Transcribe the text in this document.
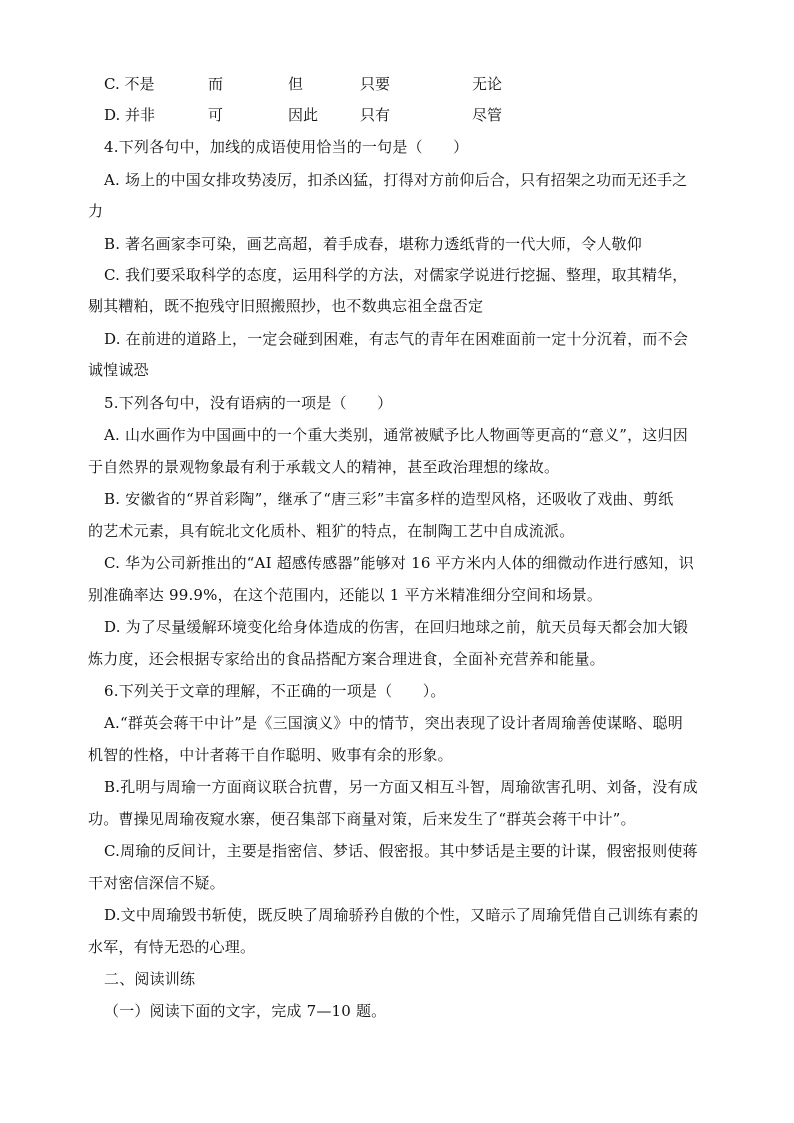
C. 不是	而	但	只要	无论
D. 并非	可	因此	只有	尽管
4.下列各句中，加线的成语使用恰当的一句是（　　）
A. 场上的中国女排攻势凌厉，扣杀凶猛，打得对方前仰后合，只有招架之功而无还手之
力
B. 著名画家李可染，画艺高超，着手成春，堪称力透纸背的一代大师，令人敬仰
C. 我们要采取科学的态度，运用科学的方法，对儒家学说进行挖掘、整理，取其精华，
剔其糟粕，既不抱残守旧照搬照抄，也不数典忘祖全盘否定
D. 在前进的道路上，一定会碰到困难，有志气的青年在困难面前一定十分沉着，而不会
诚惶诚恐
5.下列各句中，没有语病的一项是（　　）
A. 山水画作为中国画中的一个重大类别，通常被赋予比人物画等更高的“意义”，这归因
于自然界的景观物象最有利于承载文人的精神，甚至政治理想的缘故。
B. 安徽省的“界首彩陶”，继承了“唐三彩”丰富多样的造型风格，还吸收了戏曲、剪纸
的艺术元素，具有皖北文化质朴、粗犷的特点，在制陶工艺中自成流派。
C. 华为公司新推出的“AI 超感传感器”能够对 16 平方米内人体的细微动作进行感知，识
别准确率达 99.9%，在这个范围内，还能以 1 平方米精准细分空间和场景。
D. 为了尽量缓解环境变化给身体造成的伤害，在回归地球之前，航天员每天都会加大锻
炼力度，还会根据专家给出的食品搭配方案合理进食，全面补充营养和能量。
6.下列关于文章的理解，不正确的一项是（　　）。
A.“群英会蒋干中计”是《三国演义》中的情节，突出表现了设计者周瑜善使谋略、聪明
机智的性格，中计者蒋干自作聪明、败事有余的形象。
B.孔明与周瑜一方面商议联合抗曹，另一方面又相互斗智，周瑜欲害孔明、刘备，没有成
功。曹操见周瑜夜窥水寨，便召集部下商量对策，后来发生了“群英会蒋干中计”。
C.周瑜的反间计，主要是指密信、梦话、假密报。其中梦话是主要的计谋，假密报则使蒋
干对密信深信不疑。
D.文中周瑜毁书斩使，既反映了周瑜骄矜自傲的个性，又暗示了周瑜凭借自己训练有素的
水军，有恃无恐的心理。
二、阅读训练
（一）阅读下面的文字，完成 7—10 题。
